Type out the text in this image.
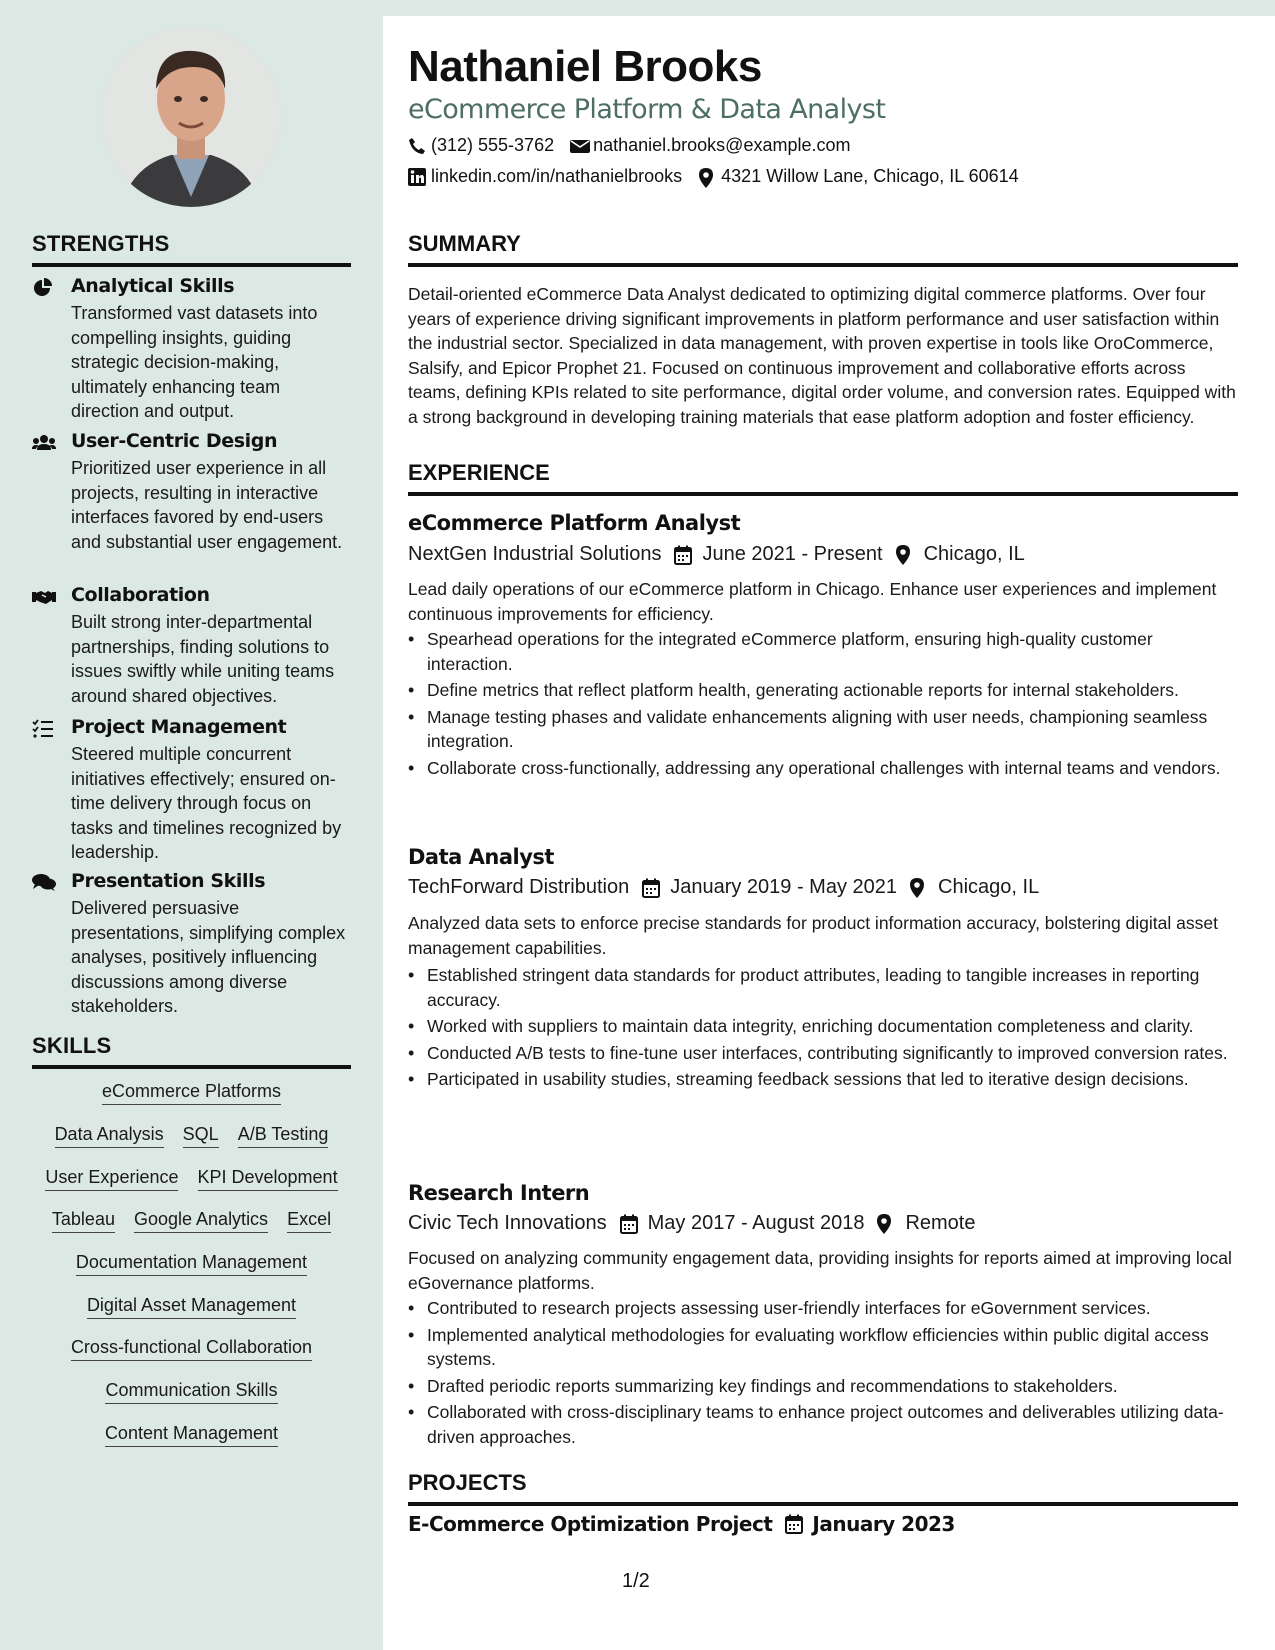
STRENGTHS
Analytical Skills
Transformed vast datasets into compelling insights, guiding strategic decision-making, ultimately enhancing team direction and output.
User-Centric Design
Prioritized user experience in all projects, resulting in interactive interfaces favored by end-users and substantial user engagement.
Collaboration
Built strong inter-departmental partnerships, finding solutions to issues swiftly while uniting teams around shared objectives.
Project Management
Steered multiple concurrent initiatives effectively; ensured on-time delivery through focus on tasks and timelines recognized by leadership.
Presentation Skills
Delivered persuasive presentations, simplifying complex analyses, positively influencing discussions among diverse stakeholders.
SKILLS
eCommerce Platforms
Data Analysis SQL A/B Testing
User Experience KPI Development
Tableau Google Analytics Excel
Documentation Management
Digital Asset Management
Cross-functional Collaboration
Communication Skills
Content Management
Nathaniel Brooks
eCommerce Platform & Data Analyst
(312) 555-3762 nathaniel.brooks@example.com
linkedin.com/in/nathanielbrooks 4321 Willow Lane, Chicago, IL 60614
SUMMARY
Detail-oriented eCommerce Data Analyst dedicated to optimizing digital commerce platforms. Over four years of experience driving significant improvements in platform performance and user satisfaction within the industrial sector. Specialized in data management, with proven expertise in tools like OroCommerce, Salsify, and Epicor Prophet 21. Focused on continuous improvement and collaborative efforts across teams, defining KPIs related to site performance, digital order volume, and conversion rates. Equipped with a strong background in developing training materials that ease platform adoption and foster efficiency.
EXPERIENCE
eCommerce Platform Analyst
NextGen Industrial Solutions June 2021 - Present Chicago, IL
Lead daily operations of our eCommerce platform in Chicago. Enhance user experiences and implement continuous improvements for efficiency.
• Spearhead operations for the integrated eCommerce platform, ensuring high-quality customer interaction.
• Define metrics that reflect platform health, generating actionable reports for internal stakeholders.
• Manage testing phases and validate enhancements aligning with user needs, championing seamless integration.
• Collaborate cross-functionally, addressing any operational challenges with internal teams and vendors.
Data Analyst
TechForward Distribution January 2019 - May 2021 Chicago, IL
Analyzed data sets to enforce precise standards for product information accuracy, bolstering digital asset management capabilities.
• Established stringent data standards for product attributes, leading to tangible increases in reporting accuracy.
• Worked with suppliers to maintain data integrity, enriching documentation completeness and clarity.
• Conducted A/B tests to fine-tune user interfaces, contributing significantly to improved conversion rates.
• Participated in usability studies, streaming feedback sessions that led to iterative design decisions.
Research Intern
Civic Tech Innovations May 2017 - August 2018 Remote
Focused on analyzing community engagement data, providing insights for reports aimed at improving local eGovernance platforms.
• Contributed to research projects assessing user-friendly interfaces for eGovernment services.
• Implemented analytical methodologies for evaluating workflow efficiencies within public digital access systems.
• Drafted periodic reports summarizing key findings and recommendations to stakeholders.
• Collaborated with cross-disciplinary teams to enhance project outcomes and deliverables utilizing data-driven approaches.
PROJECTS
E-Commerce Optimization Project January 2023
1/2
